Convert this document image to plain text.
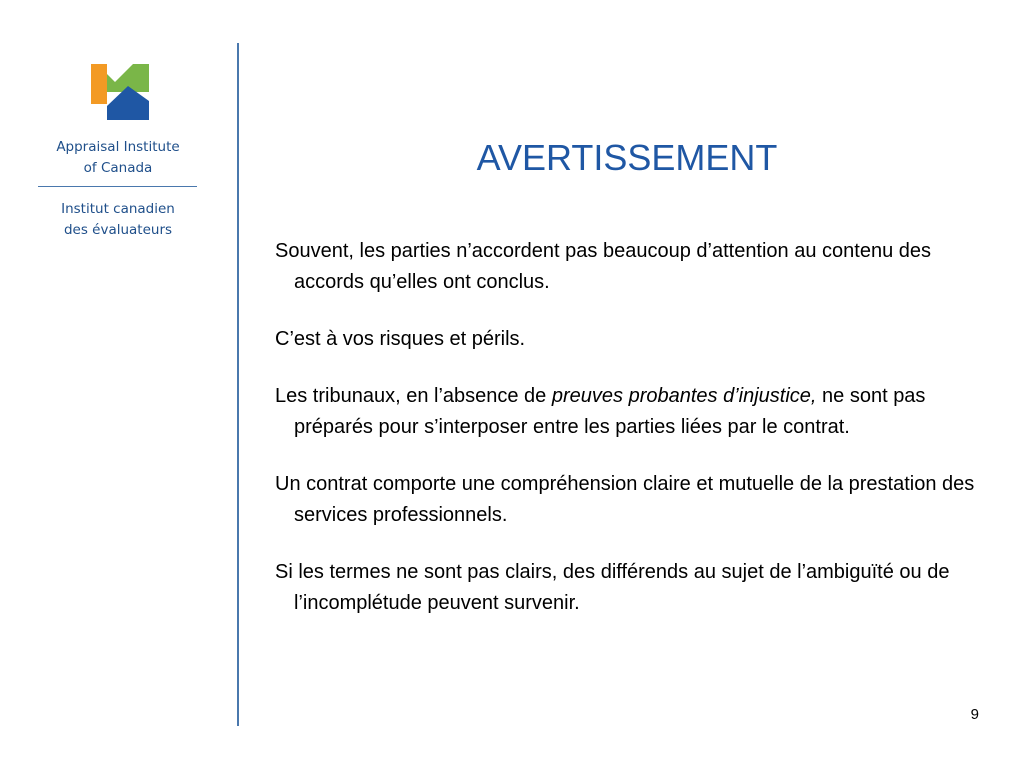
Appraisal Institute
of Canada

Institut canadien
des évaluateurs

AVERTISSEMENT

Souvent, les parties n’accordent pas beaucoup d’attention au contenu des accords qu’elles ont conclus.

C’est à vos risques et périls.

Les tribunaux, en l’absence de preuves probantes d’injustice, ne sont pas préparés pour s’interposer entre les parties liées par le contrat.

Un contrat comporte une compréhension claire et mutuelle de la prestation des services professionnels.

Si les termes ne sont pas clairs, des différends au sujet de l’ambiguïté ou de l’incomplétude peuvent survenir.

9
